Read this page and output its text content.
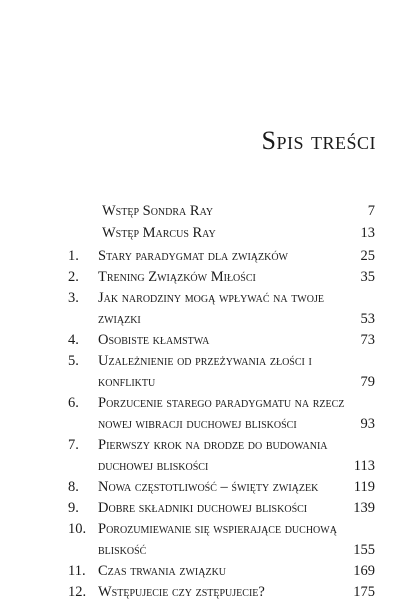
Spis treści
Wstęp Sondra Ray	7
Wstęp Marcus Ray	13
1.	Stary paradygmat dla związków	25
2.	Trening Związków Miłości	35
3.	Jak narodziny mogą wpływać na twoje
związki	53
4.	Osobiste kłamstwa	73
5.	Uzależnienie od przeżywania złości i
konfliktu	79
6.	Porzucenie starego paradygmatu na rzecz
nowej wibracji duchowej bliskości	93
7.	Pierwszy krok na drodze do budowania
duchowej bliskości	113
8.	Nowa częstotliwość – święty związek 119
9.	Dobre składniki duchowej bliskości	139
10. Porozumiewanie się wspierające duchową
bliskość	155
11. Czas trwania związku	169
12. Wstępujecie czy zstępujecie?	175
